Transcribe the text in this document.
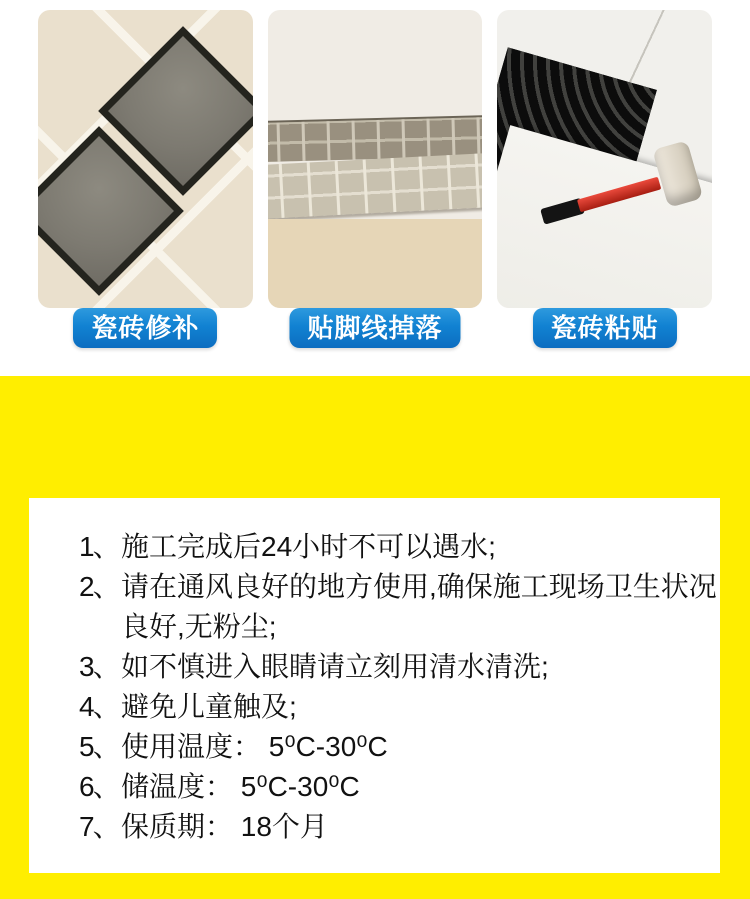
瓷砖修补	贴脚线掉落	瓷砖粘贴
1、 施工完成后24小时不可以遇水;
2、 请在通风良好的地方使用,确保施工现场卫生状况良好,无粉尘;
3、 如不慎进入眼睛请立刻用清水清洗;
4、 避免儿童触及;
5、 使用温度： 5⁰C-30⁰C
6、 储温度： 5⁰C-30⁰C
7、 保质期： 18个月
